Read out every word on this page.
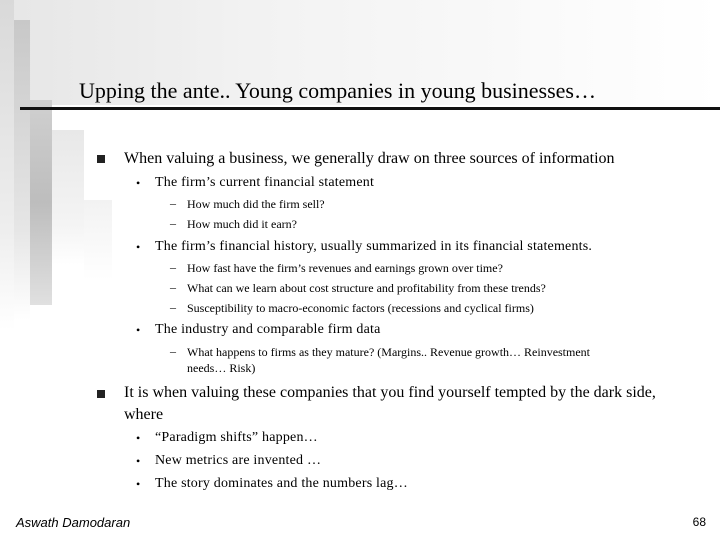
Upping the ante.. Young companies in young businesses…
When valuing a business, we generally draw on three sources of information
• The firm’s current financial statement
– How much did the firm sell?
– How much did it earn?
• The firm’s financial history, usually summarized in its financial statements.
– How fast have the firm’s revenues and earnings grown over time?
– What can we learn about cost structure and profitability from these trends?
– Susceptibility to macro-economic factors (recessions and cyclical firms)
• The industry and comparable firm data
– What happens to firms as they mature? (Margins.. Revenue growth… Reinvestment
needs… Risk)
It is when valuing these companies that you find yourself tempted by the dark side, where
• “Paradigm shifts” happen…
• New metrics are invented …
• The story dominates and the numbers lag…
Aswath Damodaran	68
